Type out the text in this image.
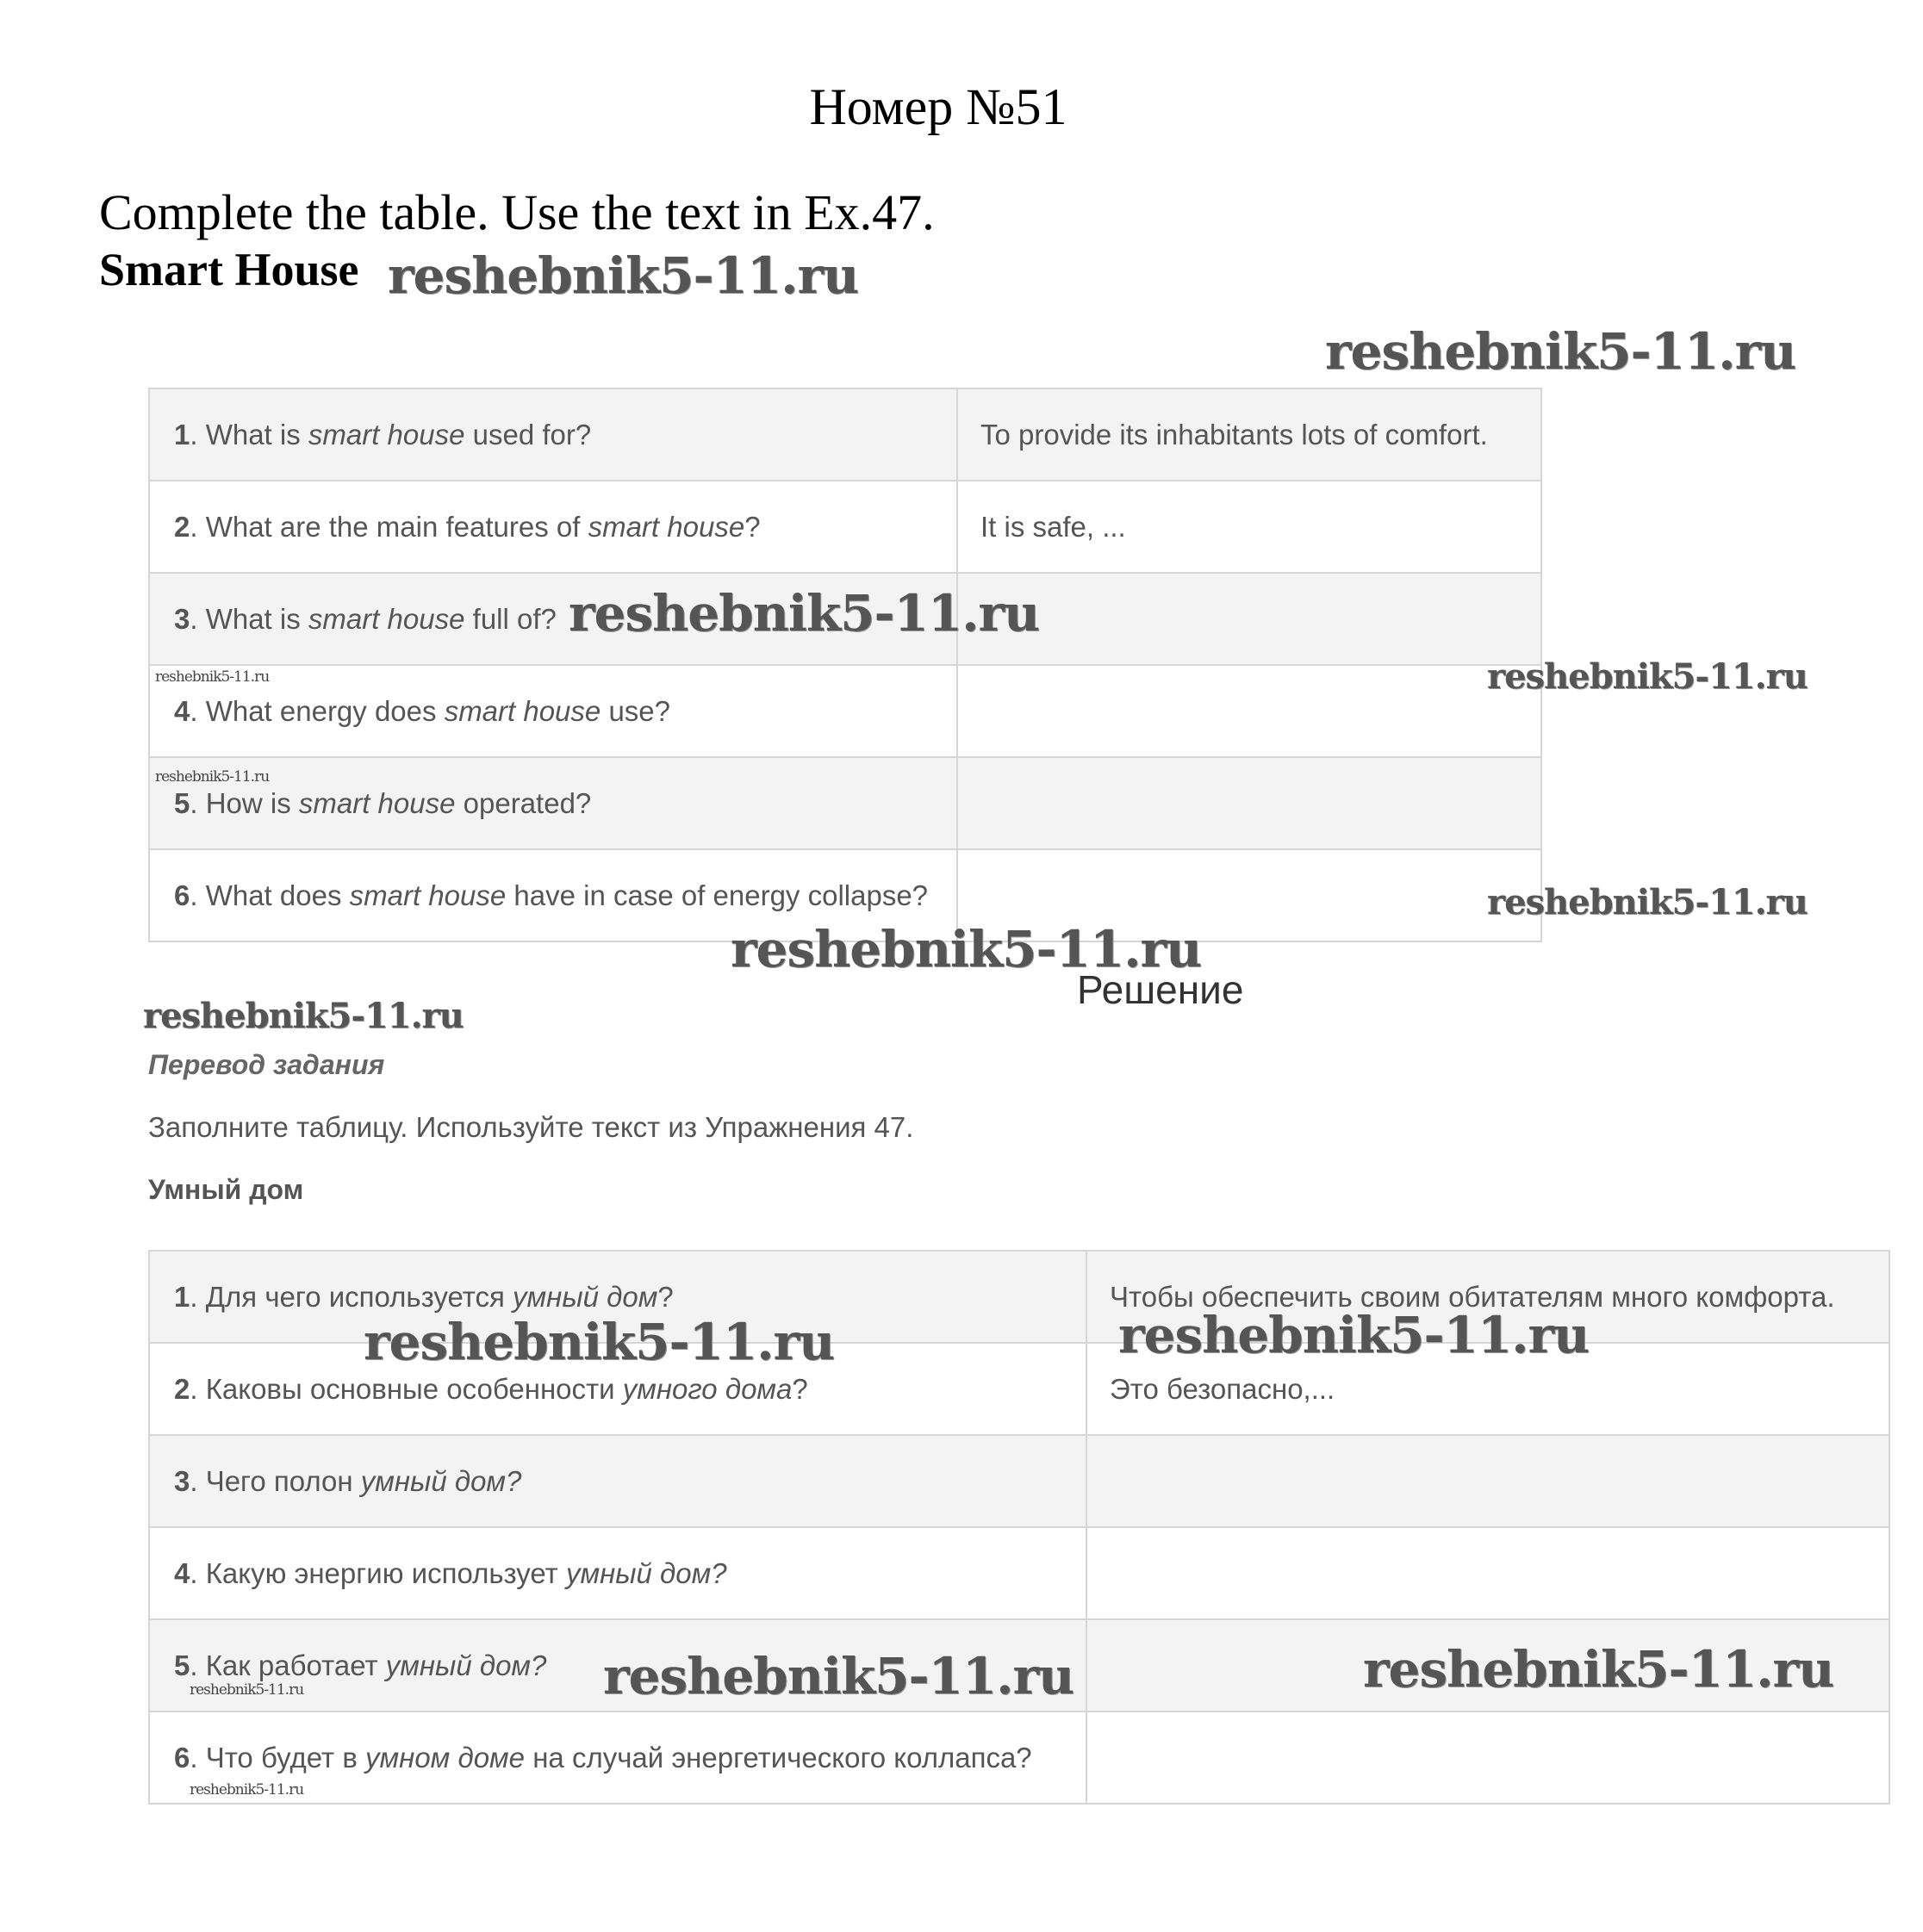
Номер №51
Complete the table. Use the text in Ex.47.
Smart House
1. What is smart house used for?	To provide its inhabitants lots of comfort.
2. What are the main features of smart house?	It is safe, ...
3. What is smart house full of?	
4. What energy does smart house use?	
5. How is smart house operated?	
6. What does smart house have in case of energy collapse?	
Решение
Перевод задания
Заполните таблицу. Используйте текст из Упражнения 47.
Умный дом
1. Для чего используется умный дом?	Чтобы обеспечить своим обитателям много комфорта.
2. Каковы основные особенности умного дома?	Это безопасно,...
3. Чего полон умный дом?	
4. Какую энергию использует умный дом?	
5. Как работает умный дом?	
6. Что будет в умном доме на случай энергетического коллапса?	
reshebnik5-11.ru
reshebnik5-11.ru
reshebnik5-11.ru
reshebnik5-11.ru
reshebnik5-11.ru
reshebnik5-11.ru
reshebnik5-11.ru
reshebnik5-11.ru	reshebnik5-11.ru
reshebnik5-11.ru	reshebnik5-11.ru
reshebnik5-11.ru
reshebnik5-11.ru
reshebnik5-11.ru
reshebnik5-11.ru
